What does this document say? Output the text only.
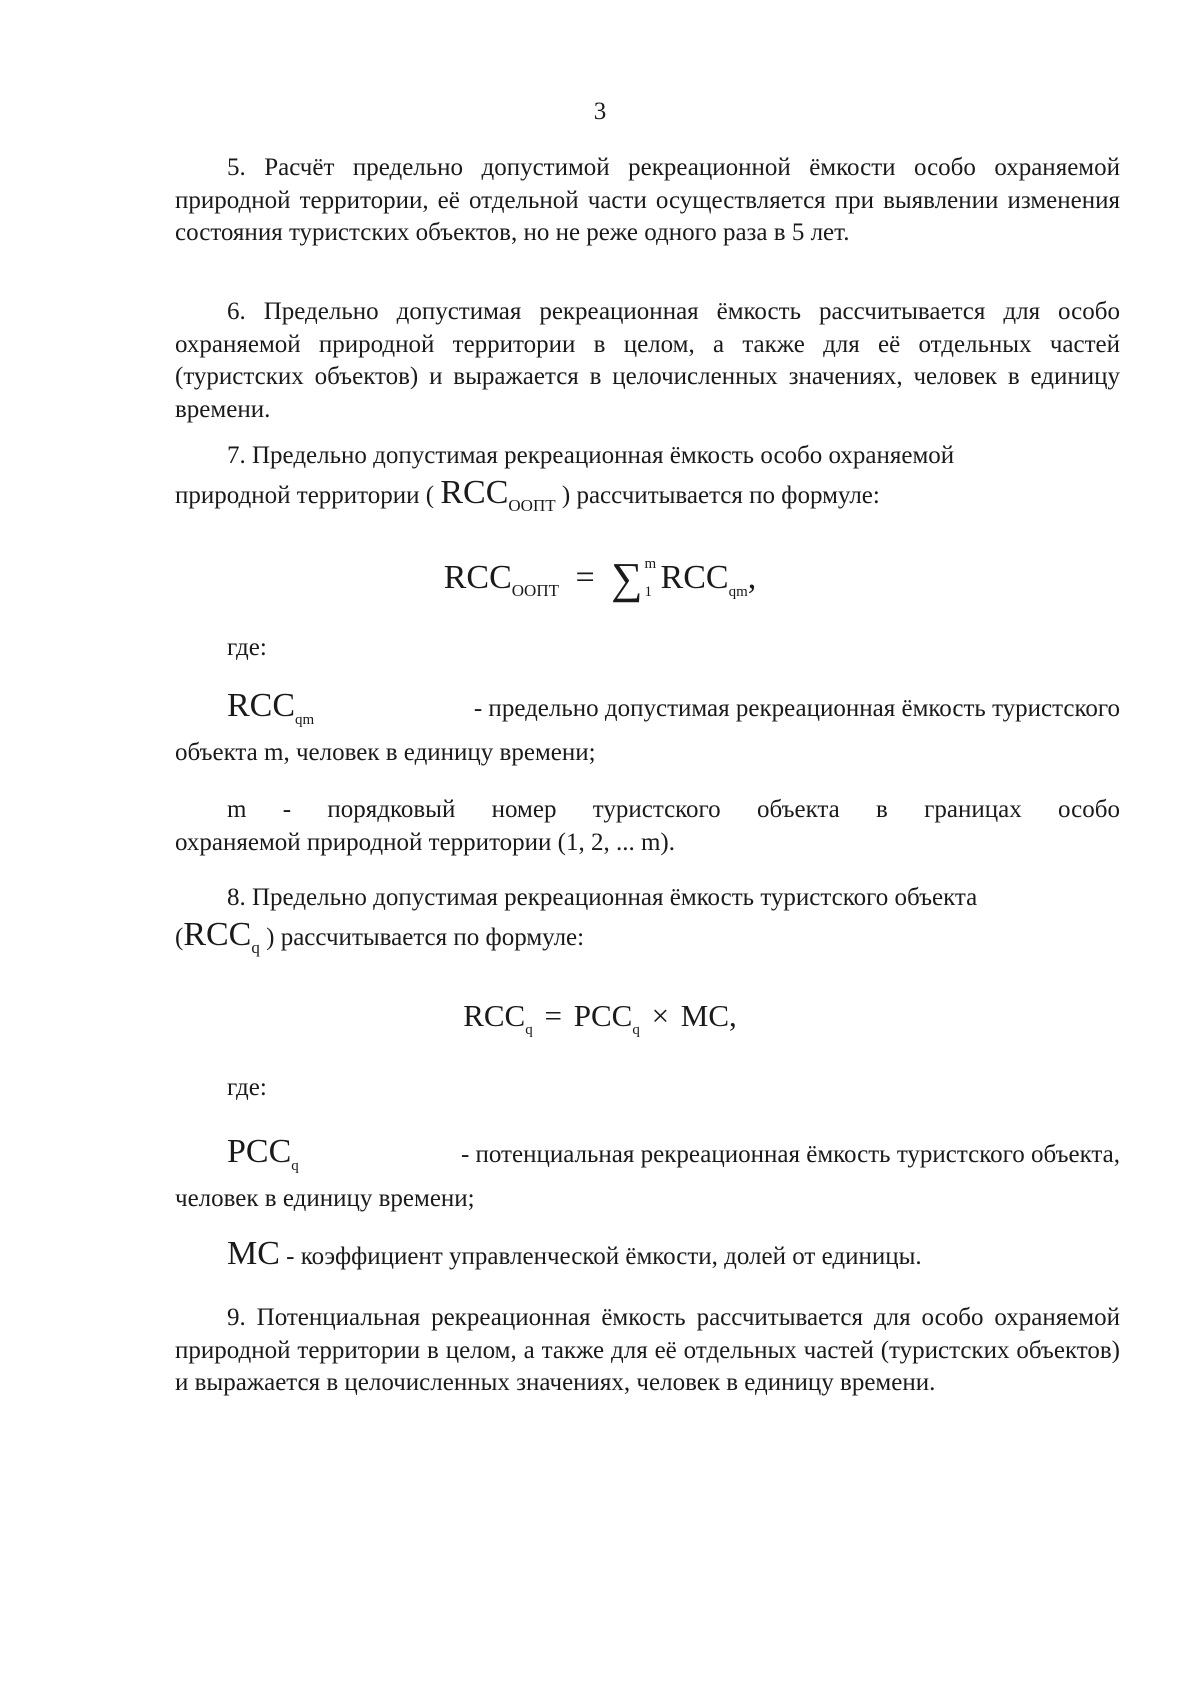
3

5. Расчёт предельно допустимой рекреационной ёмкости особо охраняемой природной территории, её отдельной части осуществляется при выявлении изменения состояния туристских объектов, но не реже одного раза в 5 лет.

6. Предельно допустимая рекреационная ёмкость рассчитывается для особо охраняемой природной территории в целом, а также для её отдельных частей (туристских объектов) и выражается в целочисленных значениях, человек в единицу времени.

7. Предельно допустимая рекреационная ёмкость особо охраняемой

природной территории ( $RCC_{ООПТ}$ ) рассчитывается по формуле:

$RCC_{ООПТ}$ = ∑ m
1 $RCC_{qm}$,

где:

$RCC_{qm}$	- предельно допустимая рекреационная ёмкость туристского

объекта m, человек в единицу времени;

m - порядковый номер туристского объекта в границах особо

охраняемой природной территории (1, 2, ... m).

8. Предельно допустимая рекреационная ёмкость туристского объекта

($RCC_q$ ) рассчитывается по формуле:

$RCC_q = PCC_q$ × MC,

где:

$PCC_q$	- потенциальная рекреационная ёмкость туристского объекта,

человек в единицу времени;

MC - коэффициент управленческой ёмкости, долей от единицы.

9. Потенциальная рекреационная ёмкость рассчитывается для особо охраняемой природной территории в целом, а также для её отдельных частей (туристских объектов) и выражается в целочисленных значениях, человек в единицу времени.
